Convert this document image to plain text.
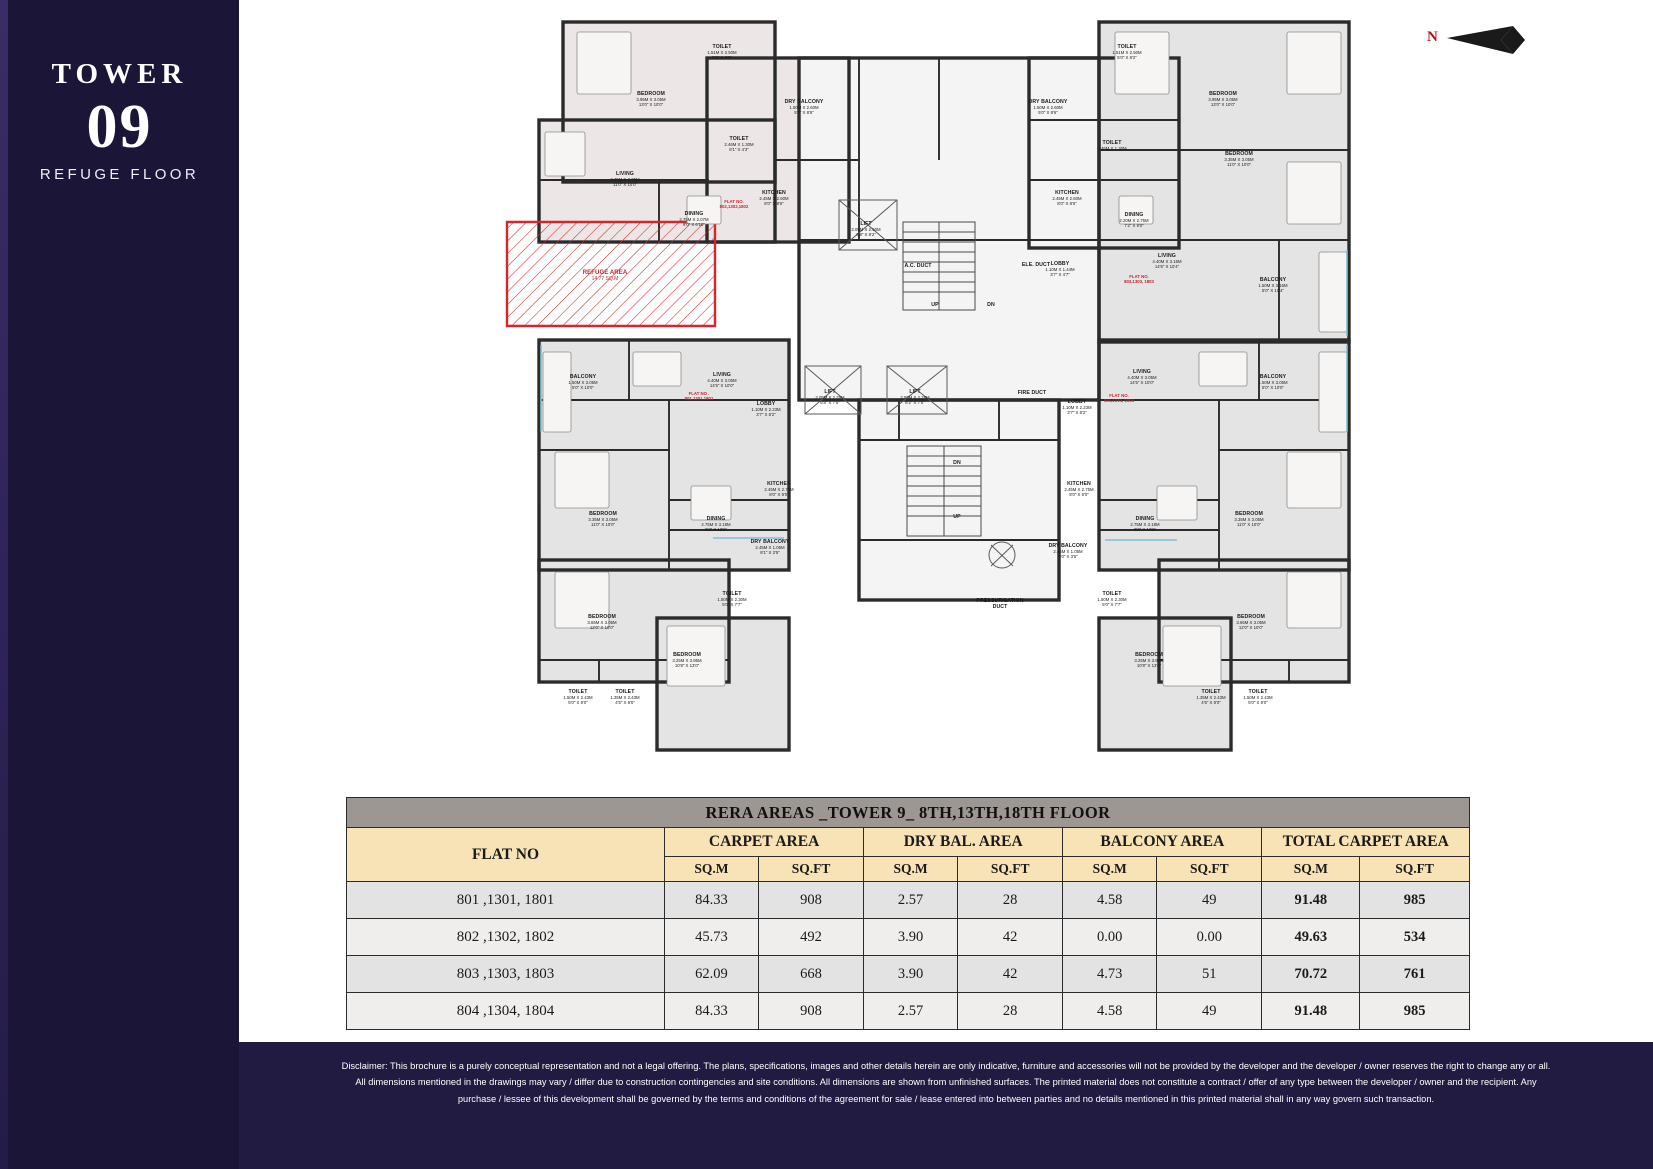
TOWER
09
REFUGE FLOOR
N
REFUGE AREA
14.77 SQ.M
BEDROOM
3.95M X 3.05M
13'0" X 10'0"
TOILET
1.51M X 2.50M
5'0" X 8'2"
TOILET
2.46M X 1.30M
8'1" X 4'3"
LIVING
3.35M X 3.05M
11'0" X 10'0"
DINING
2.75M X 2.07M
9'0" X 6'10"
KITCHEN
2.45M X 2.60M
8'0" X 8'6"
DRY BALCONY
1.50M X 2.60M
5'0" X 8'6"
LIFT
2.05M X 2.50M
6'8" X 8'2"
A.C. DUCT	ELE. DUCT LOBBY
1.10M X 1.44M
3'7" X 4'7"
UP	DN
BALCONY
1.50M X 3.05M
5'0" X 10'0"
LIVING
4.40M X 3.05M
14'5" X 10'0"
LOBBY
1.10M X 2.23M
3'7" X 8'2"
LIFT
2.05M X 2.25M
6'8" X 7'5"
LIFT
2.50M X 2.25M
8'2" X 7'5"
FIRE DUCT
LOBBY
1.10M X 2.23M
3'7" X 8'2"
BEDROOM
3.35M X 3.05M
11'0" X 10'0"
DINING
2.75M X 3.18M
9'0" X 10'6"
KITCHEN
2.45M X 2.75M
8'0" X 9'0"
DRY BALCONY
2.45M X 1.05M
8'1" X 3'5"
TOILET
1.50M X 2.30M
5'0" X 7'7"
BEDROOM
3.65M X 3.05M
12'0" X 10'0"
BEDROOM
3.25M X 3.95M
10'8" X 13'0"
TOILET
1.50M X 2.43M
5'0" X 8'0"
TOILET
1.35M X 2.43M
4'5" X 8'0"
PRESSURISATION DUCT
DN
UP
BEDROOM
3.95M X 3.05M
13'0" X 10'0"
TOILET
1.51M X 2.50M
5'0" X 8'2"
BEDROOM
3.35M X 3.05M
11'0" X 10'0"
TOILET
2.46M X 1.30M
DRY BALCONY
1.50M X 2.60M
5'0" X 8'6"
KITCHEN
2.45M X 2.60M
8'0" X 8'6"
DINING
2.20M X 2.75M
7'2" X 9'0"
LIVING
4.40M X 3.16M
14'5" X 10'4"
BALCONY
1.50M X 3.16M
5'0" X 10'4"
LIVING
4.40M X 3.05M
14'5" X 10'0"
BALCONY
1.50M X 3.05M
5'0" X 10'0"
DINING
2.75M X 3.18M
9'0" X 10'6"
KITCHEN
2.45M X 2.75M
8'0" X 9'0"
BEDROOM
3.35M X 3.05M
11'0" X 10'0"
DRY BALCONY
2.45M X 1.05M
8'0" X 3'5"
TOILET
1.50M X 2.30M
5'0" X 7'7"
BEDROOM
3.65M X 3.05M
12'0" X 10'0"
BEDROOM
3.25M X 3.95M
10'8" X 13'0"
TOILET
1.35M X 2.43M
4'5" X 8'0"
TOILET
1.50M X 2.43M
5'0" X 8'0"
FLAT NO.
802,1302,1802
FLAT NO .
801,1301,1801
FLAT NO.
803,1303, 1803
FLAT NO.
804,1304, 1804
RERA AREAS _TOWER 9_ 8TH,13TH,18TH FLOOR								
FLAT NO	CARPET AREA		DRY BAL. AREA		BALCONY AREA		TOTAL CARPET AREA	
	SQ.M	SQ.FT	SQ.M	SQ.FT	SQ.M	SQ.FT	SQ.M	SQ.FT
801 ,1301, 1801	84.33	908	2.57	28	4.58	49	91.48	985
802 ,1302, 1802	45.73	492	3.90	42	0.00	0.00	49.63	534
803 ,1303, 1803	62.09	668	3.90	42	4.73	51	70.72	761
804 ,1304, 1804	84.33	908	2.57	28	4.58	49	91.48	985
Disclaimer: This brochure is a purely conceptual representation and not a legal offering. The plans, specifications, images and other details herein are only indicative, furniture and accessories will not be provided by the developer and the developer / owner reserves the right to change any or all.
All dimensions mentioned in the drawings may vary / differ due to construction contingencies and site conditions. All dimensions are shown from unfinished surfaces. The printed material does not constitute a contract / offer of any type between the developer / owner and the recipient. Any
purchase / lessee of this development shall be governed by the terms and conditions of the agreement for sale / lease entered into between parties and no details mentioned in this printed material shall in any way govern such transaction.
